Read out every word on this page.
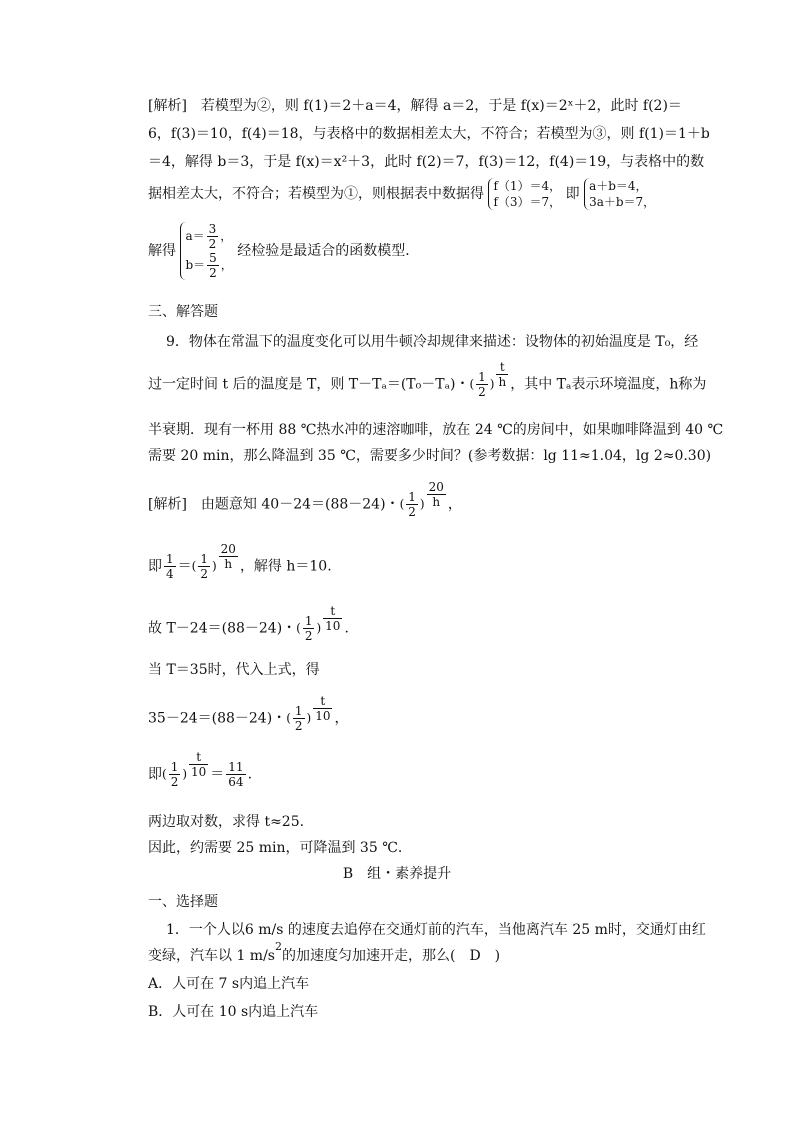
[解析]　若模型为②，则 f(1)＝2＋a＝4，解得 a＝2，于是 f(x)＝2ˣ＋2，此时 f(2)＝
6，f(3)＝10，f(4)＝18，与表格中的数据相差太大，不符合；若模型为③，则 f(1)＝1＋b
＝4，解得 b＝3，于是 f(x)＝x²＋3，此时 f(2)＝7，f(3)＝12，f(4)＝19，与表格中的数
据相差太大，不符合；若模型为①，则根据表中数据得 f（1）＝4，
f（3）＝7， 即 a＋b＝4，
3a＋b＝7，
解得
$a= \frac{3}{2}$ ，
$b= \frac{5}{2}$ ，
经检验是最适合的函数模型．
三、解答题
9．物体在常温下的温度变化可以用牛顿冷却规律来描述：设物体的初始温度是 T₀，经
过一定时间 t 后的温度是 T，则 T－Tₐ＝(T₀－Tₐ)・( $\frac{1}{2}$ ) $\frac{t}{h}$ ，其中 Tₐ表示环境温度，h称为
半衰期．现有一杯用 88 ℃热水冲的速溶咖啡，放在 24 ℃的房间中，如果咖啡降温到 40 ℃
需要 20 min，那么降温到 35 ℃，需要多少时间？(参考数据：lg 11≈1.04，lg 2≈0.30)
[解析]　由题意知 40－24＝(88－24)・( $\frac{1}{2}$ ) $\frac{20}{h}$ ，
即 $\frac{1}{4}$ ＝( $\frac{1}{2}$ ) $\frac{20}{h}$ ，解得 h＝10.
故 T－24＝(88－24)・( $\frac{1}{2}$ ) $\frac{t}{10}$ .
当 T＝35时，代入上式，得
35－24＝(88－24)・( $\frac{1}{2}$ ) $\frac{t}{10}$ ，
即( $\frac{1}{2}$ ) $\frac{t}{10} = \frac{11}{64}$ .
两边取对数，求得 t≈25.
因此，约需要 25 min，可降温到 35 ℃.
B　组・素养提升
一、选择题
1．一个人以6 m/s 的速度去追停在交通灯前的汽车，当他离汽车 25 m时，交通灯由红
变绿，汽车以 1 $m/s^2$的加速度匀加速开走，那么(　D　)
A．人可在 7 s内追上汽车
B．人可在 10 s内追上汽车
